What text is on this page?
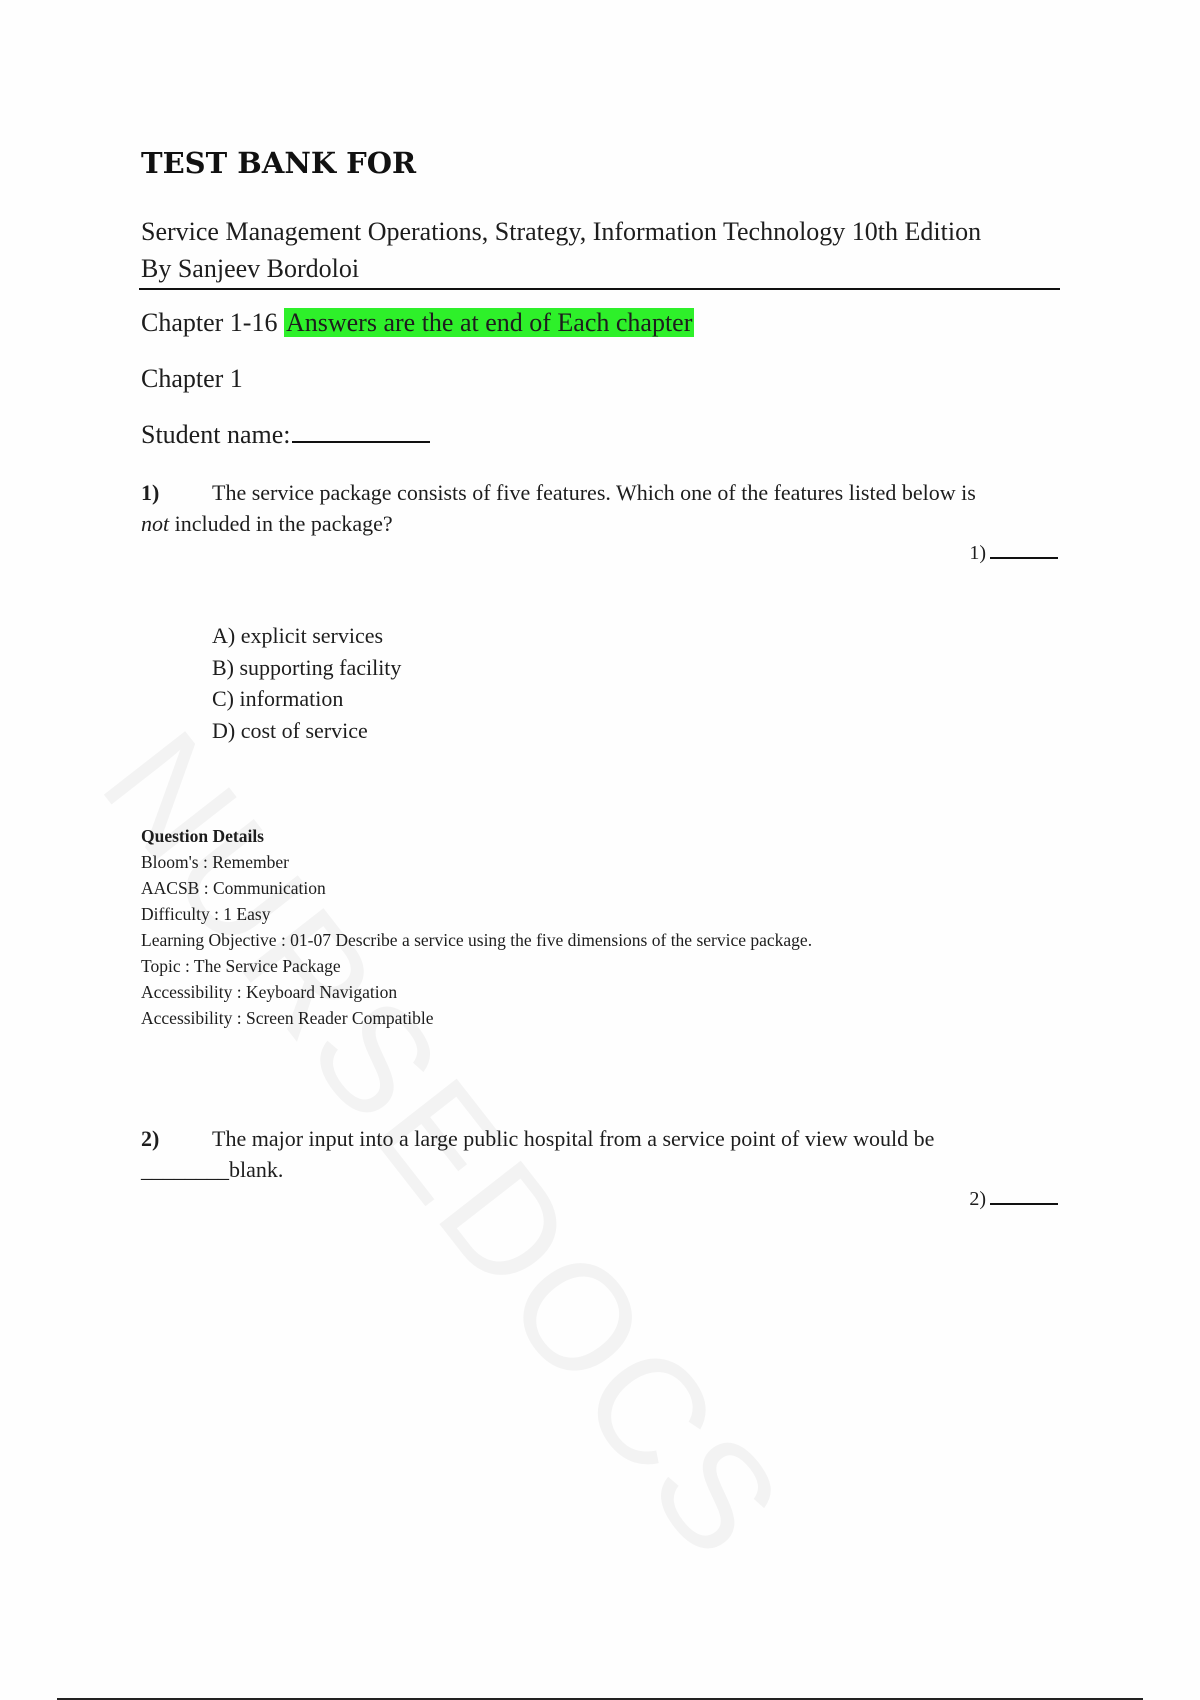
TEST BANK FOR
Service Management Operations, Strategy, Information Technology 10th Edition
By Sanjeev Bordoloi
Chapter 1-16 Answers are the at end of Each chapter
Chapter 1
Student name:
1) The service package consists of five features. Which one of the features listed below is
not included in the package?
1)
A) explicit services
B) supporting facility
C) information
D) cost of service
Question Details
Bloom's : Remember
AACSB : Communication
Difficulty : 1 Easy
Learning Objective : 01-07 Describe a service using the five dimensions of the service package.
Topic : The Service Package
Accessibility : Keyboard Navigation
Accessibility : Screen Reader Compatible
2) The major input into a large public hospital from a service point of view would be
________blank.
2)
